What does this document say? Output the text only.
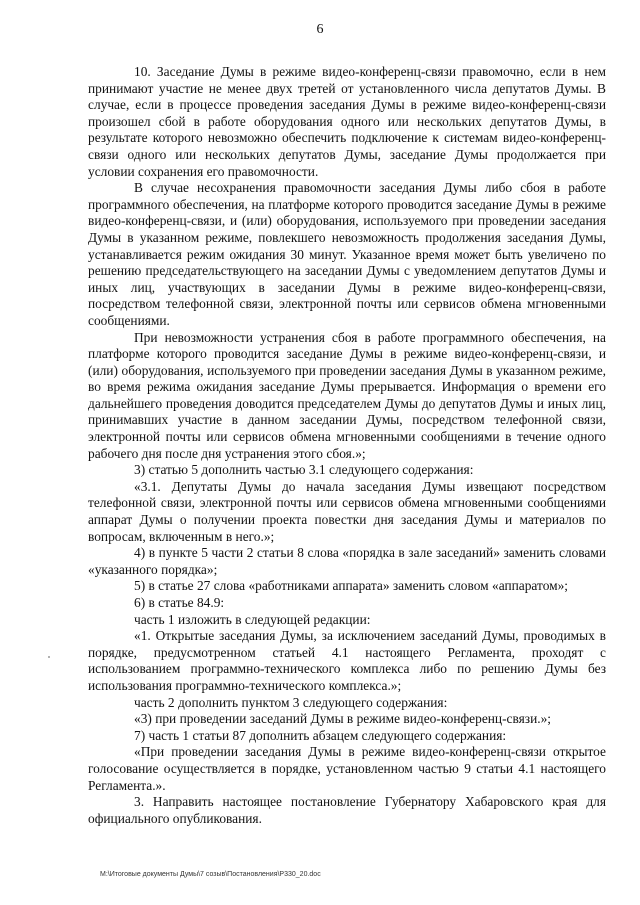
6

10. Заседание Думы в режиме видео-конференц-связи правомочно, если в нем принимают участие не менее двух третей от установленного числа депутатов Думы. В случае, если в процессе проведения заседания Думы в режиме видео-конференц-связи произошел сбой в работе оборудования одного или нескольких депутатов Думы, в результате которого невозможно обеспечить подключение к системам видео-конференц-связи одного или нескольких депутатов Думы, заседание Думы продолжается при условии сохранения его правомочности.

В случае несохранения правомочности заседания Думы либо сбоя в работе программного обеспечения, на платформе которого проводится заседание Думы в режиме видео-конференц-связи, и (или) оборудования, используемого при проведении заседания Думы в указанном режиме, повлекшего невозможность продолжения заседания Думы, устанавливается режим ожидания 30 минут. Указанное время может быть увеличено по решению председательствующего на заседании Думы с уведомлением депутатов Думы и иных лиц, участвующих в заседании Думы в режиме видео-конференц-связи, посредством телефонной связи, электронной почты или сервисов обмена мгновенными сообщениями.

При невозможности устранения сбоя в работе программного обеспечения, на платформе которого проводится заседание Думы в режиме видео-конференц-связи, и (или) оборудования, используемого при проведении заседания Думы в указанном режиме, во время режима ожидания заседание Думы прерывается. Информация о времени его дальнейшего проведения доводится председателем Думы до депутатов Думы и иных лиц, принимавших участие в данном заседании Думы, посредством телефонной связи, электронной почты или сервисов обмена мгновенными сообщениями в течение одного рабочего дня после дня устранения этого сбоя.»;

3) статью 5 дополнить частью 3.1 следующего содержания:

«3.1. Депутаты Думы до начала заседания Думы извещают посредством телефонной связи, электронной почты или сервисов обмена мгновенными сообщениями аппарат Думы о получении проекта повестки дня заседания Думы и материалов по вопросам, включенным в него.»;

4) в пункте 5 части 2 статьи 8 слова «порядка в зале заседаний» заменить словами «указанного порядка»;

5) в статье 27 слова «работниками аппарата» заменить словом «аппаратом»;

6) в статье 84.9:

часть 1 изложить в следующей редакции:

«1. Открытые заседания Думы, за исключением заседаний Думы, проводимых в порядке, предусмотренном статьей 4.1 настоящего Регламента, проходят с использованием программно-технического комплекса либо по решению Думы без использования программно-технического комплекса.»;

часть 2 дополнить пунктом 3 следующего содержания:

«3) при проведении заседаний Думы в режиме видео-конференц-связи.»;

7) часть 1 статьи 87 дополнить абзацем следующего содержания:

«При проведении заседания Думы в режиме видео-конференц-связи открытое голосование осуществляется в порядке, установленном частью 9 статьи 4.1 настоящего Регламента.».

3. Направить настоящее постановление Губернатору Хабаровского края для официального опубликования.

М:\Итоговые документы Думы\7 созыв\Постановления\Р330_20.doc
